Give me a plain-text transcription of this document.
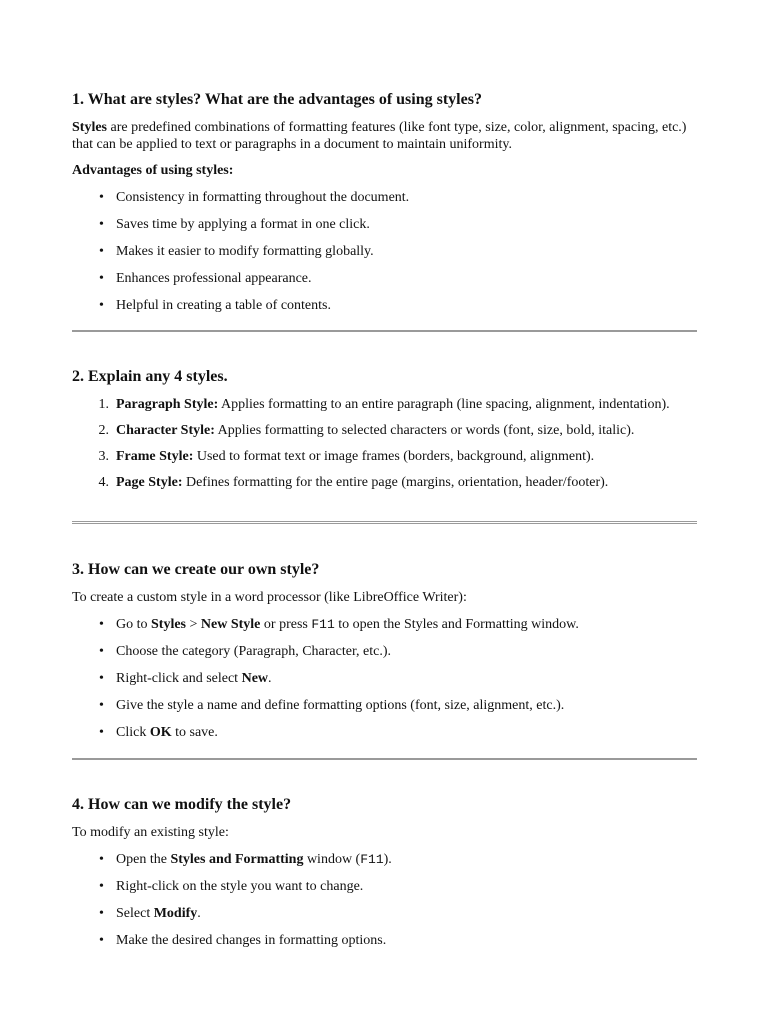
1. What are styles? What are the advantages of using styles?

Styles are predefined combinations of formatting features (like font type, size, color, alignment, spacing, etc.) that can be applied to text or paragraphs in a document to maintain uniformity.

Advantages of using styles:

• Consistency in formatting throughout the document.
• Saves time by applying a format in one click.
• Makes it easier to modify formatting globally.
• Enhances professional appearance.
• Helpful in creating a table of contents.
2. Explain any 4 styles.
1. Paragraph Style: Applies formatting to an entire paragraph (line spacing, alignment, indentation).
2. Character Style: Applies formatting to selected characters or words (font, size, bold, italic).
3. Frame Style: Used to format text or image frames (borders, background, alignment).
4. Page Style: Defines formatting for the entire page (margins, orientation, header/footer).
3. How can we create our own style?

To create a custom style in a word processor (like LibreOffice Writer):

• Go to Styles > New Style or press F11 to open the Styles and Formatting window.
• Choose the category (Paragraph, Character, etc.).
• Right-click and select New.
• Give the style a name and define formatting options (font, size, alignment, etc.).
• Click OK to save.
4. How can we modify the style?

To modify an existing style:

• Open the Styles and Formatting window (F11).
• Right-click on the style you want to change.
• Select Modify.
• Make the desired changes in formatting options.
